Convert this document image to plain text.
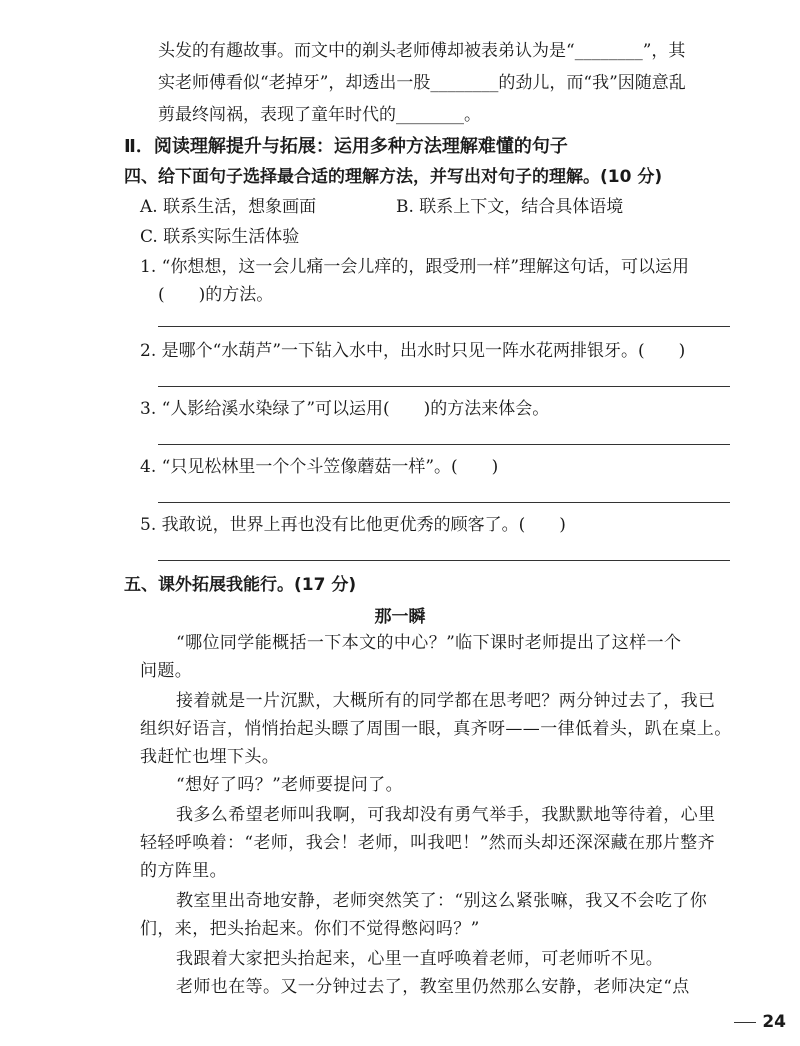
头发的有趣故事。而文中的剃头老师傅却被表弟认为是“________”，其
实老师傅看似“老掉牙”，却透出一股________的劲儿，而“我”因随意乱
剪最终闯祸，表现了童年时代的________。
Ⅱ．阅读理解提升与拓展：运用多种方法理解难懂的句子
四、给下面句子选择最合适的理解方法，并写出对句子的理解。(10 分)
A. 联系生活，想象画面	B. 联系上下文，结合具体语境
C. 联系实际生活体验
1. “你想想，这一会儿痛一会儿痒的，跟受刑一样”理解这句话，可以运用
(　　)的方法。
2. 是哪个“水葫芦”一下钻入水中，出水时只见一阵水花两排银牙。(　　)
3. “人影给溪水染绿了”可以运用(　　)的方法来体会。
4. “只见松林里一个个斗笠像蘑菇一样”。(　　)
5. 我敢说，世界上再也没有比他更优秀的顾客了。(　　)
五、课外拓展我能行。(17 分)
那一瞬
“哪位同学能概括一下本文的中心？”临下课时老师提出了这样一个
问题。
接着就是一片沉默，大概所有的同学都在思考吧？两分钟过去了，我已
组织好语言，悄悄抬起头瞟了周围一眼，真齐呀——一律低着头，趴在桌上。
我赶忙也埋下头。
“想好了吗？”老师要提问了。
我多么希望老师叫我啊，可我却没有勇气举手，我默默地等待着，心里
轻轻呼唤着：“老师，我会！老师，叫我吧！”然而头却还深深藏在那片整齐
的方阵里。
教室里出奇地安静，老师突然笑了：“别这么紧张嘛，我又不会吃了你
们，来，把头抬起来。你们不觉得憋闷吗？”
我跟着大家把头抬起来，心里一直呼唤着老师，可老师听不见。
老师也在等。又一分钟过去了，教室里仍然那么安静，老师决定“点
24
